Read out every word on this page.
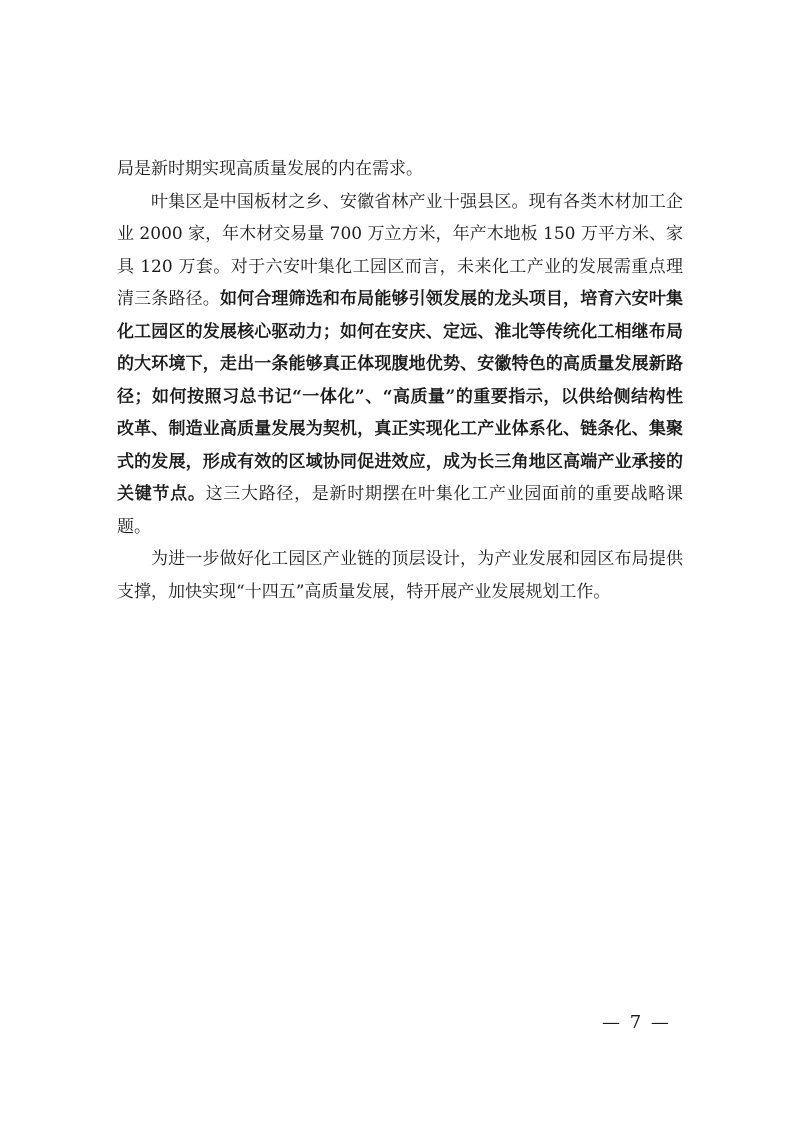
局是新时期实现高质量发展的内在需求。

叶集区是中国板材之乡、安徽省林产业十强县区。现有各类木材加工企业 2000 家，年木材交易量 700 万立方米，年产木地板 150 万平方米、家具 120 万套。对于六安叶集化工园区而言，未来化工产业的发展需重点理清三条路径。如何合理筛选和布局能够引领发展的龙头项目，培育六安叶集化工园区的发展核心驱动力；如何在安庆、定远、淮北等传统化工相继布局的大环境下，走出一条能够真正体现腹地优势、安徽特色的高质量发展新路径；如何按照习总书记“一体化”、“高质量”的重要指示，以供给侧结构性改革、制造业高质量发展为契机，真正实现化工产业体系化、链条化、集聚式的发展，形成有效的区域协同促进效应，成为长三角地区高端产业承接的关键节点。这三大路径，是新时期摆在叶集化工产业园面前的重要战略课题。

为进一步做好化工园区产业链的顶层设计，为产业发展和园区布局提供支撑，加快实现“十四五”高质量发展，特开展产业发展规划工作。

— 7 —
